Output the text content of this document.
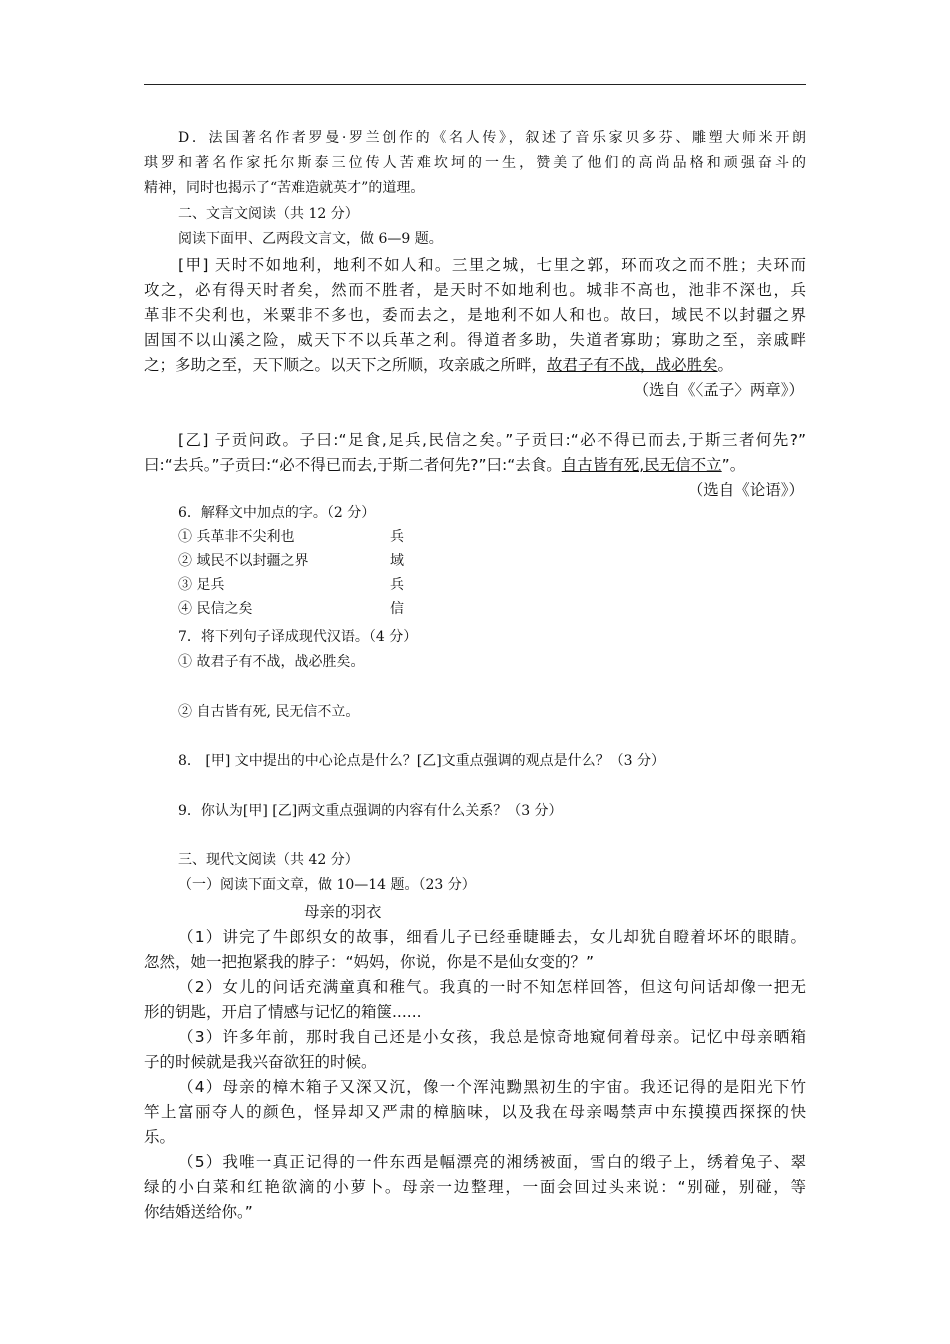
D．法国著名作者罗曼·罗兰创作的《名人传》，叙述了音乐家贝多芬、雕塑大师米开朗
琪罗和著名作家托尔斯泰三位传人苦难坎坷的一生，赞美了他们的高尚品格和顽强奋斗的
精神，同时也揭示了“苦难造就英才”的道理。
二、文言文阅读（共 12 分）
阅读下面甲、乙两段文言文，做 6—9 题。
[甲] 天时不如地利，地利不如人和。三里之城，七里之郭，环而攻之而不胜；夫环而
攻之，必有得天时者矣，然而不胜者，是天时不如地利也。城非不高也，池非不深也，兵
革非不尖利也，米粟非不多也，委而去之，是地利不如人和也。故曰，域民不以封疆之界
固国不以山溪之险，威天下不以兵革之利。得道者多助，失道者寡助；寡助之至，亲戚畔
之；多助之至，天下顺之。以天下之所顺，攻亲戚之所畔，故君子有不战，战必胜矣。
（选自《〈孟子〉两章》）
[乙] 子贡问政。子曰:“足食,足兵,民信之矣。”子贡曰:“必不得已而去,于斯三者何先?”
曰:“去兵。”子贡曰:“必不得已而去,于斯二者何先?”曰:“去食。自古皆有死,民无信不立”。
（选自《论语》）
6．解释文中加点的字。（2 分）
① 兵革非不尖利也	兵
② 域民不以封疆之界	域
③ 足兵	兵
④ 民信之矣	信
7．将下列句子译成现代汉语。（4 分）
① 故君子有不战，战必胜矣。
② 自古皆有死, 民无信不立。
8． [甲] 文中提出的中心论点是什么？[乙]文重点强调的观点是什么？（3 分）
9．你认为[甲] [乙]两文重点强调的内容有什么关系？（3 分）
三、现代文阅读（共 42 分）
（一）阅读下面文章，做 10—14 题。（23 分）
母亲的羽衣
（1）讲完了牛郎织女的故事，细看儿子已经垂睫睡去，女儿却犹自瞪着坏坏的眼睛。
忽然，她一把抱紧我的脖子：“妈妈，你说，你是不是仙女变的？”
（2）女儿的问话充满童真和稚气。我真的一时不知怎样回答，但这句问话却像一把无
形的钥匙，开启了情感与记忆的箱箧......
（3）许多年前，那时我自己还是小女孩，我总是惊奇地窥伺着母亲。记忆中母亲晒箱
子的时候就是我兴奋欲狂的时候。
（4）母亲的樟木箱子又深又沉，像一个浑沌黝黑初生的宇宙。我还记得的是阳光下竹
竿上富丽夺人的颜色，怪异却又严肃的樟脑味，以及我在母亲喝禁声中东摸摸西探探的快
乐。
（5）我唯一真正记得的一件东西是幅漂亮的湘绣被面，雪白的缎子上，绣着兔子、翠
绿的小白菜和红艳欲滴的小萝卜。母亲一边整理，一面会回过头来说：“别碰，别碰，等
你结婚送给你。”
